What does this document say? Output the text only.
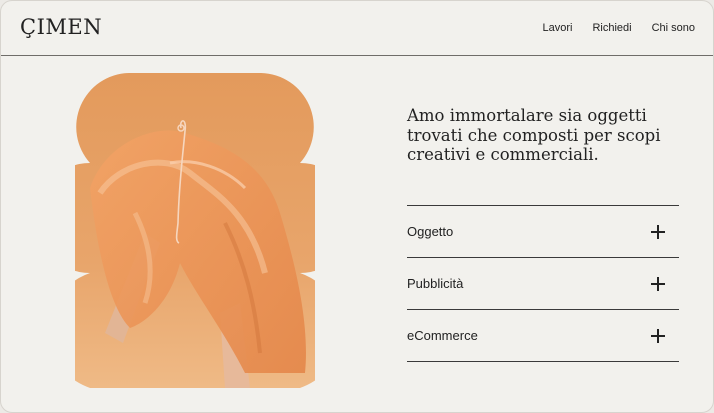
ÇIMEN	Lavori Richiedi Chi sono
Amo immortalare sia oggetti
trovati che composti per scopi
creativi e commerciali.
Oggetto
Pubblicità
eCommerce
